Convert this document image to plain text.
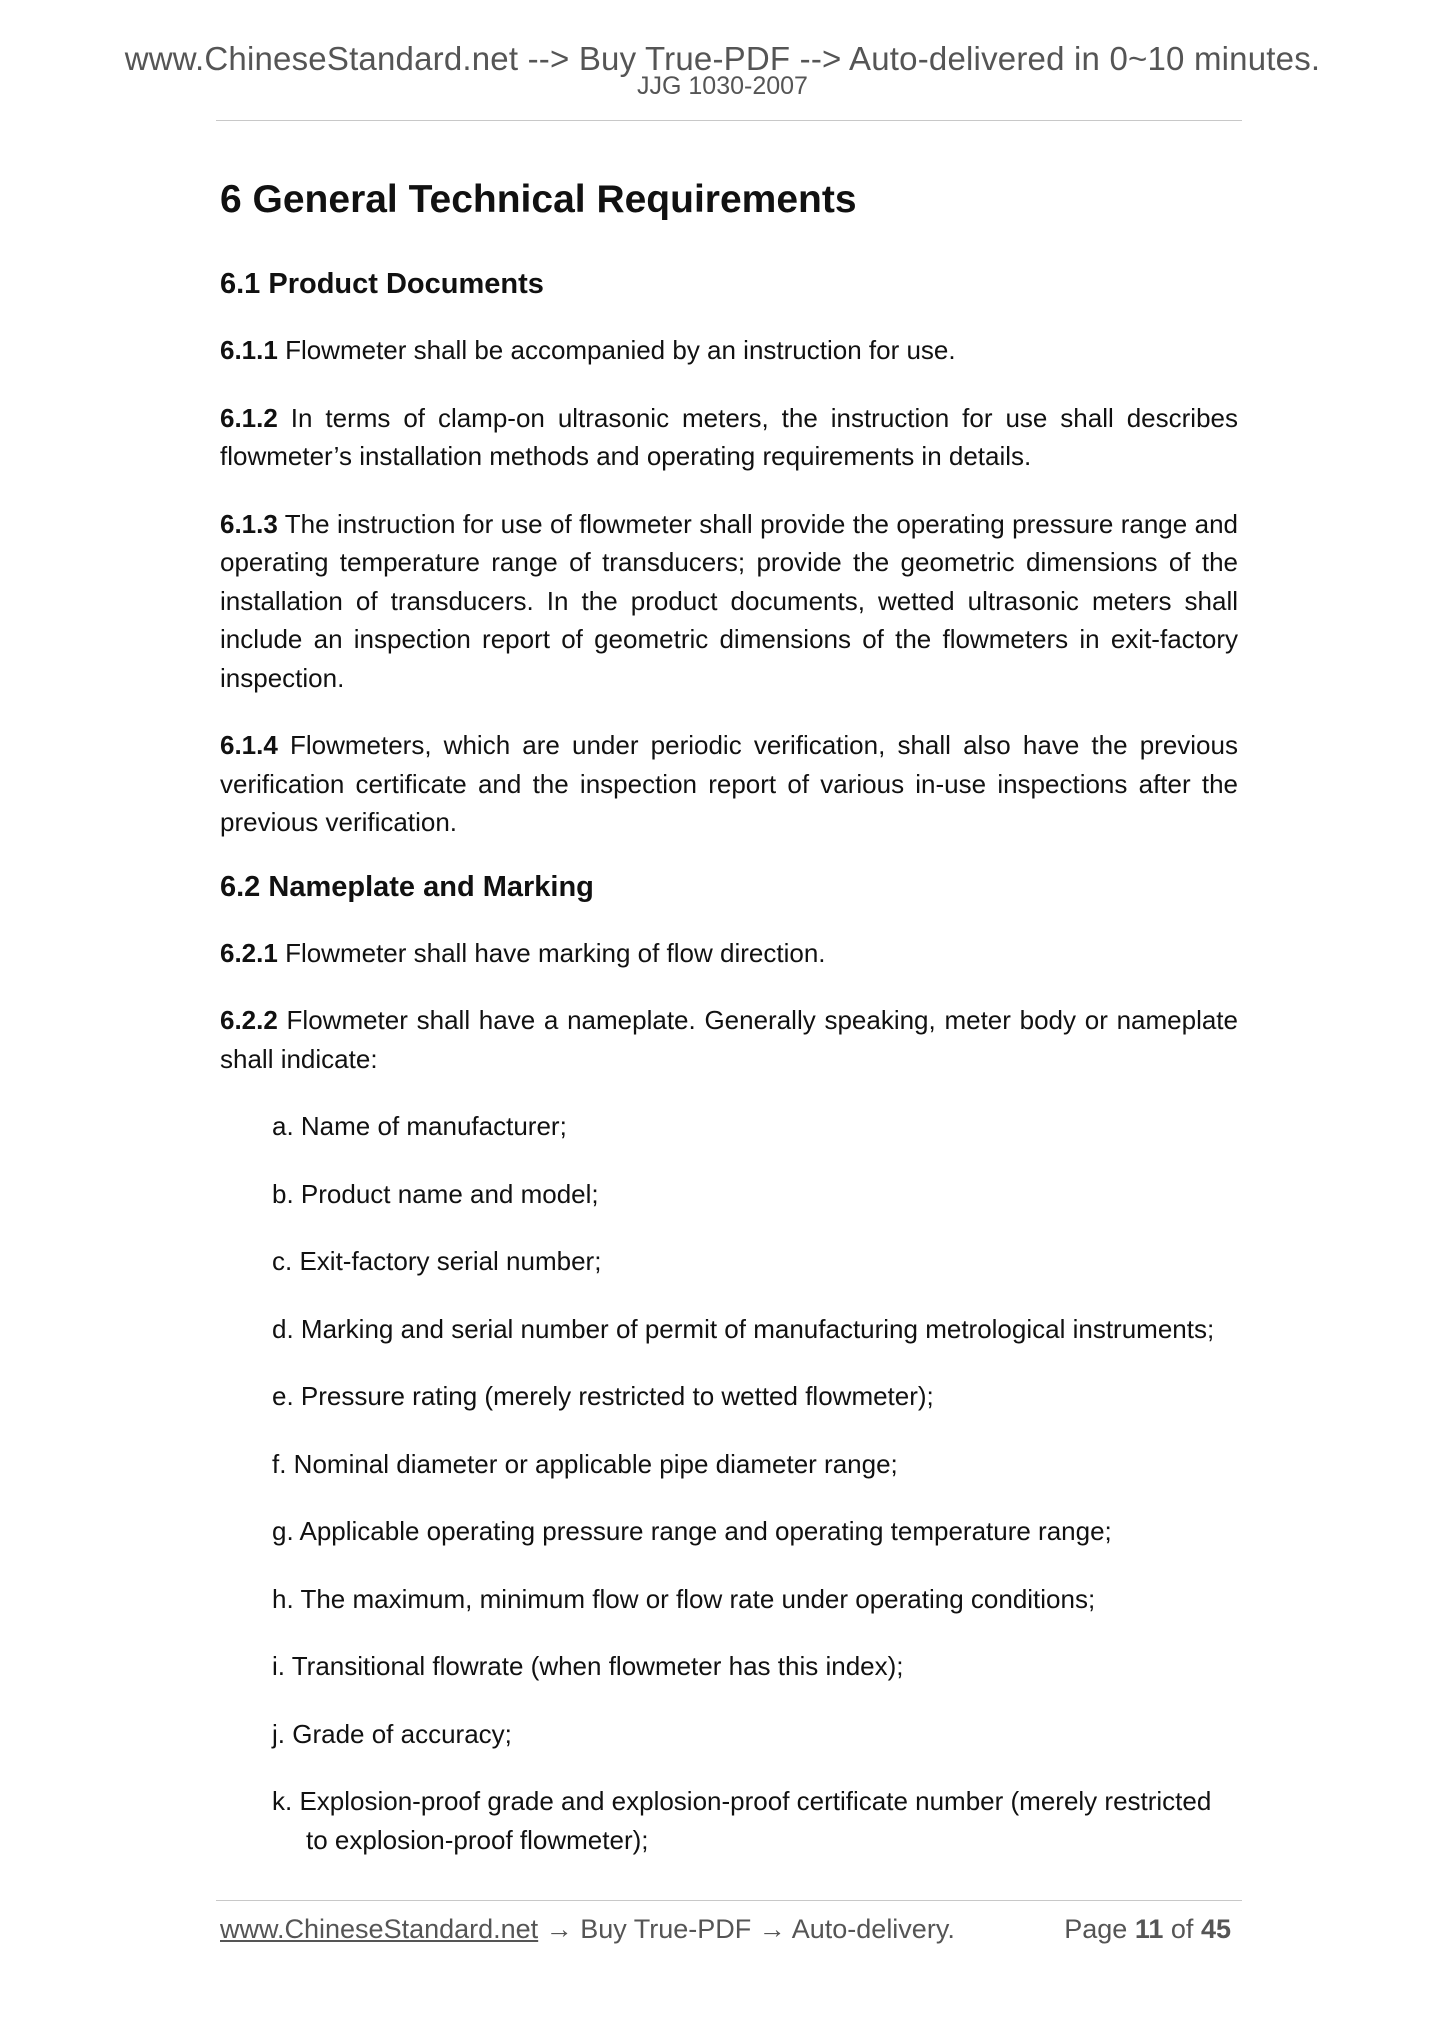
www.ChineseStandard.net --> Buy True-PDF --> Auto-delivered in 0~10 minutes.
JJG 1030-2007
6 General Technical Requirements
6.1 Product Documents

6.1.1 Flowmeter shall be accompanied by an instruction for use.

6.1.2 In terms of clamp-on ultrasonic meters, the instruction for use shall describes flowmeter’s installation methods and operating requirements in details.

6.1.3 The instruction for use of flowmeter shall provide the operating pressure range and operating temperature range of transducers; provide the geometric dimensions of the installation of transducers. In the product documents, wetted ultrasonic meters shall include an inspection report of geometric dimensions of the flowmeters in exit-factory inspection.

6.1.4 Flowmeters, which are under periodic verification, shall also have the previous verification certificate and the inspection report of various in-use inspections after the previous verification.

6.2 Nameplate and Marking

6.2.1 Flowmeter shall have marking of flow direction.

6.2.2 Flowmeter shall have a nameplate. Generally speaking, meter body or nameplate shall indicate:

a. Name of manufacturer;
b. Product name and model;
c. Exit-factory serial number;
d. Marking and serial number of permit of manufacturing metrological instruments;
e. Pressure rating (merely restricted to wetted flowmeter);
f. Nominal diameter or applicable pipe diameter range;
g. Applicable operating pressure range and operating temperature range;
h. The maximum, minimum flow or flow rate under operating conditions;
i. Transitional flowrate (when flowmeter has this index);
j. Grade of accuracy;
k. Explosion-proof grade and explosion-proof certificate number (merely restricted
to explosion-proof flowmeter);
www.ChineseStandard.net → Buy True-PDF → Auto-delivery.	Page 11 of 45
